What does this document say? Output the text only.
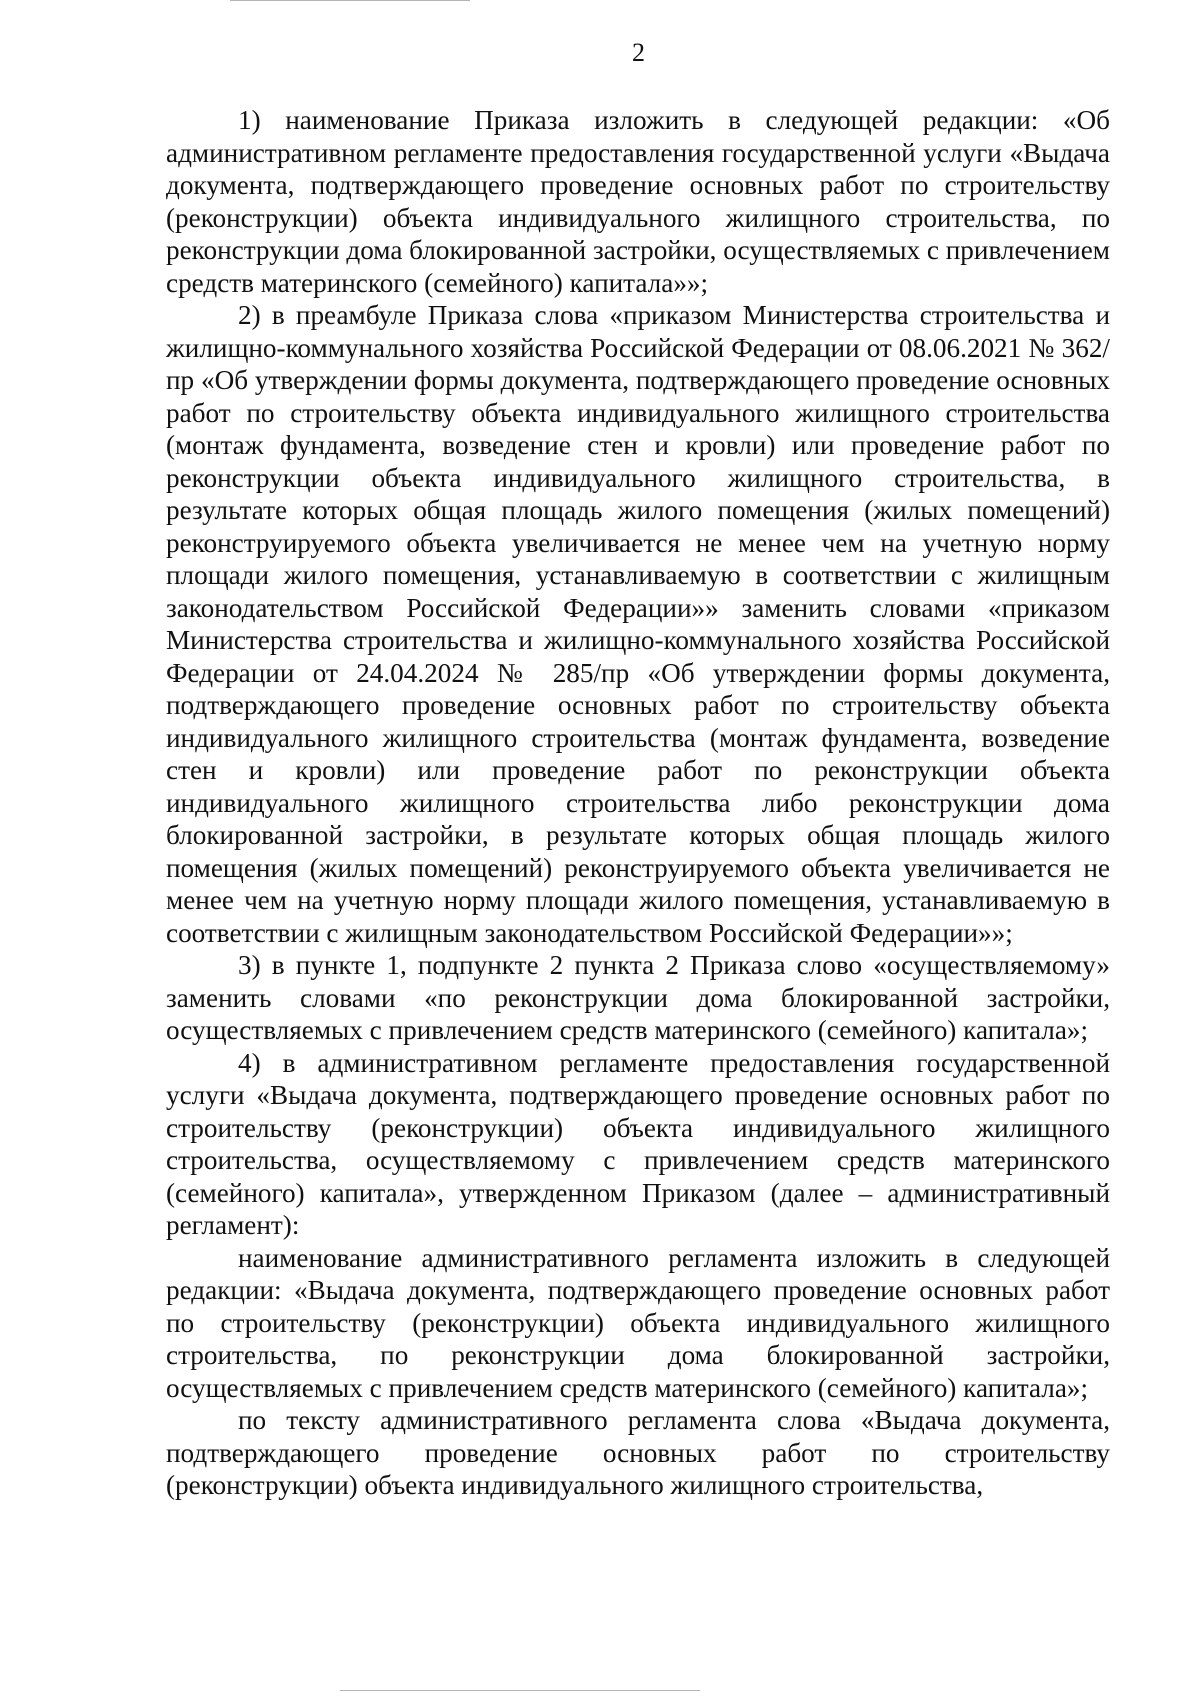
2

1) наименование Приказа изложить в следующей редакции: «Об административном регламенте предоставления государственной услуги «Выдача документа, подтверждающего проведение основных работ по строительству (реконструкции) объекта индивидуального жилищного строительства, по реконструкции дома блокированной застройки, осуществляемых с привлечением средств материнского (семейного) капитала»»;

2) в преамбуле Приказа слова «приказом Министерства строительства и жилищно-коммунального хозяйства Российской Федерации от 08.06.2021 № 362/пр «Об утверждении формы документа, подтверждающего проведение основных работ по строительству объекта индивидуального жилищного строительства (монтаж фундамента, возведение стен и кровли) или проведение работ по реконструкции объекта индивидуального жилищного строительства, в результате которых общая площадь жилого помещения (жилых помещений) реконструируемого объекта увеличивается не менее чем на учетную норму площади жилого помещения, устанавливаемую в соответствии с жилищным законодательством Российской Федерации»» заменить словами «приказом Министерства строительства и жилищно-коммунального хозяйства Российской Федерации от 24.04.2024 № 285/пр «Об утверждении формы документа, подтверждающего проведение основных работ по строительству объекта индивидуального жилищного строительства (монтаж фундамента, возведение стен и кровли) или проведение работ по реконструкции объекта индивидуального жилищного строительства либо реконструкции дома блокированной застройки, в результате которых общая площадь жилого помещения (жилых помещений) реконструируемого объекта увеличивается не менее чем на учетную норму площади жилого помещения, устанавливаемую в соответствии с жилищным законодательством Российской Федерации»»;

3) в пункте 1, подпункте 2 пункта 2 Приказа слово «осуществляемому» заменить словами «по реконструкции дома блокированной застройки, осуществляемых с привлечением средств материнского (семейного) капитала»;

4) в административном регламенте предоставления государственной услуги «Выдача документа, подтверждающего проведение основных работ по строительству (реконструкции) объекта индивидуального жилищного строительства, осуществляемому с привлечением средств материнского (семейного) капитала», утвержденном Приказом (далее – административный регламент):

наименование административного регламента изложить в следующей редакции: «Выдача документа, подтверждающего проведение основных работ по строительству (реконструкции) объекта индивидуального жилищного строительства, по реконструкции дома блокированной застройки, осуществляемых с привлечением средств материнского (семейного) капитала»;

по тексту административного регламента слова «Выдача документа, подтверждающего проведение основных работ по строительству (реконструкции) объекта индивидуального жилищного строительства,
